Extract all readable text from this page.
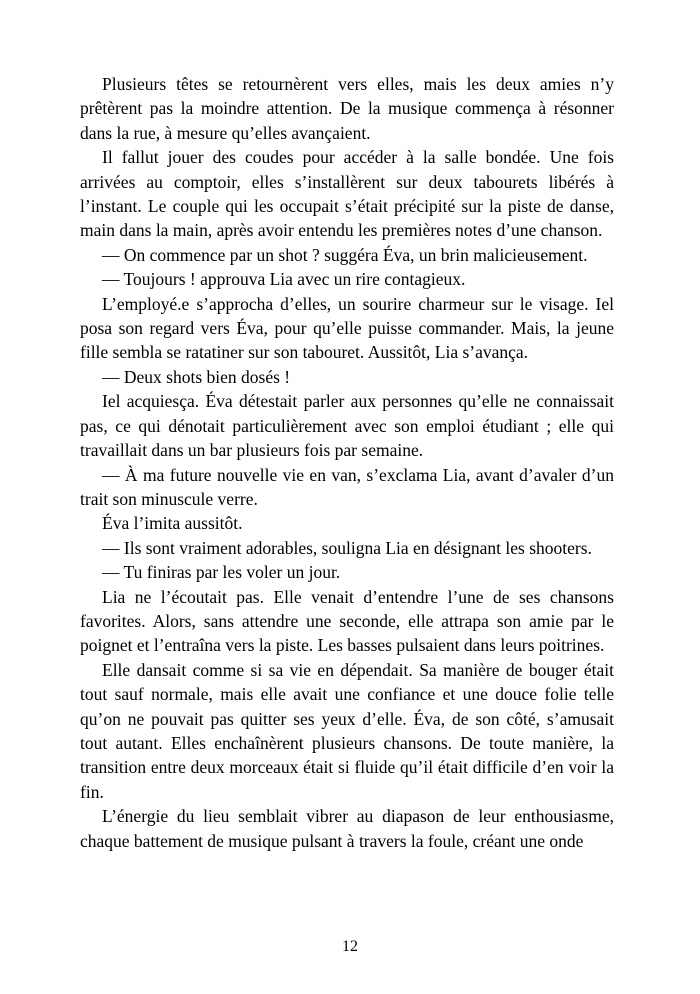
Plusieurs têtes se retournèrent vers elles, mais les deux amies n’y prêtèrent pas la moindre attention. De la musique commença à résonner dans la rue, à mesure qu’elles avançaient.

Il fallut jouer des coudes pour accéder à la salle bondée. Une fois arrivées au comptoir, elles s’installèrent sur deux tabourets libérés à l’instant. Le couple qui les occupait s’était précipité sur la piste de danse, main dans la main, après avoir entendu les premières notes d’une chanson.

— On commence par un shot ? suggéra Éva, un brin malicieusement.

— Toujours ! approuva Lia avec un rire contagieux.

L’employé.e s’approcha d’elles, un sourire charmeur sur le visage. Iel posa son regard vers Éva, pour qu’elle puisse commander. Mais, la jeune fille sembla se ratatiner sur son tabouret. Aussitôt, Lia s’avança.

— Deux shots bien dosés !

Iel acquiesça. Éva détestait parler aux personnes qu’elle ne connaissait pas, ce qui dénotait particulièrement avec son emploi étudiant ; elle qui travaillait dans un bar plusieurs fois par semaine.

— À ma future nouvelle vie en van, s’exclama Lia, avant d’avaler d’un trait son minuscule verre.

Éva l’imita aussitôt.

— Ils sont vraiment adorables, souligna Lia en désignant les shooters.

— Tu finiras par les voler un jour.

Lia ne l’écoutait pas. Elle venait d’entendre l’une de ses chansons favorites. Alors, sans attendre une seconde, elle attrapa son amie par le poignet et l’entraîna vers la piste. Les basses pulsaient dans leurs poitrines.

Elle dansait comme si sa vie en dépendait. Sa manière de bouger était tout sauf normale, mais elle avait une confiance et une douce folie telle qu’on ne pouvait pas quitter ses yeux d’elle. Éva, de son côté, s’amusait tout autant. Elles enchaînèrent plusieurs chansons. De toute manière, la transition entre deux morceaux était si fluide qu’il était difficile d’en voir la fin.

L’énergie du lieu semblait vibrer au diapason de leur enthousiasme, chaque battement de musique pulsant à travers la foule, créant une onde

12
